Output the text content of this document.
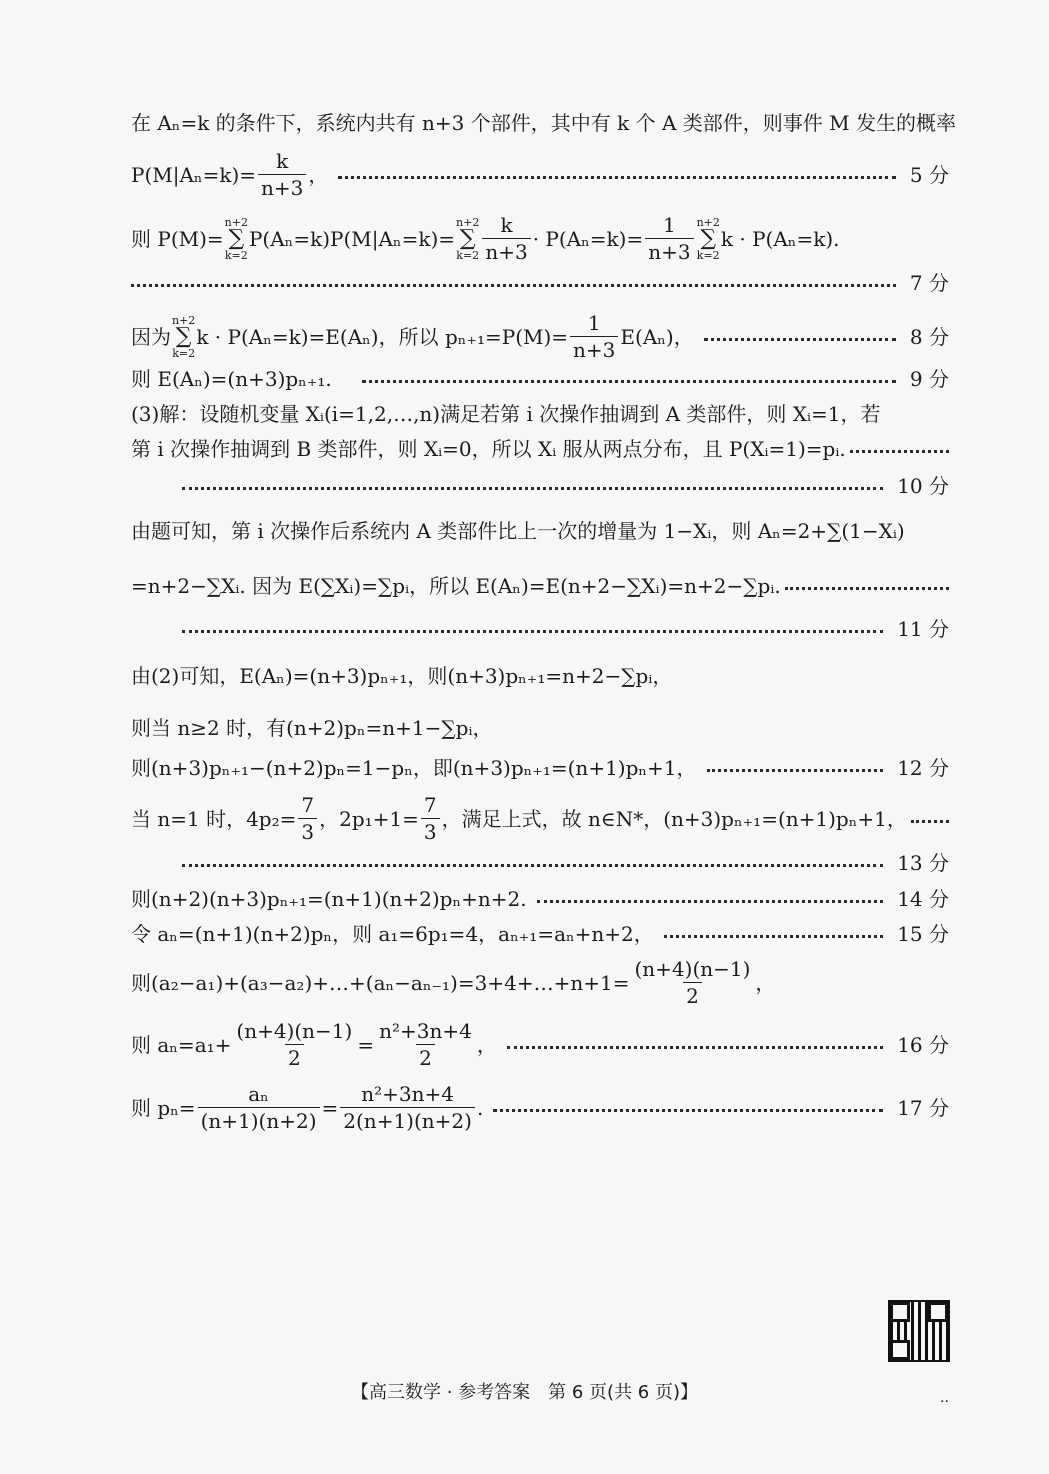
在 Aₙ=k 的条件下，系统内共有 n+3 个部件，其中有 k 个 A 类部件，则事件 M 发生的概率
$P(M|A_n=k)= \frac{k}{n+3}$ ，	5 分
则 P(M)=
n+2
∑
k=2
P(Aₙ=k)P(M|Aₙ=k)=
n+2
∑
$k=2 \frac{k}{n+3} \cdot P(A_n=k)= \frac{1}{n+3} n+2$
∑
k=2
k · P(Aₙ=k).
7 分
因为
n+2
∑
k=2
k · P(Aₙ=k)=E(Aₙ)，所以 $p_{n+1}=P(M)= \frac{1}{n+3} E(A_n)$，	8 分
则 E(Aₙ)=(n+3)pₙ₊₁.	9 分
(3)解：设随机变量 Xᵢ(i=1,2,…,n)满足若第 i 次操作抽调到 A 类部件，则 Xᵢ=1，若
第 i 次操作抽调到 B 类部件，则 Xᵢ=0，所以 Xᵢ 服从两点分布，且 P(Xᵢ=1)=pᵢ.
10 分
由题可知，第 i 次操作后系统内 A 类部件比上一次的增量为 1−Xᵢ，则 Aₙ=2+∑(1−Xᵢ)
=n+2−∑Xᵢ. 因为 E(∑Xᵢ)=∑pᵢ，所以 E(Aₙ)=E(n+2−∑Xᵢ)=n+2−∑pᵢ.
11 分
由(2)可知，E(Aₙ)=(n+3)pₙ₊₁，则(n+3)pₙ₊₁=n+2−∑pᵢ，
则当 n≥2 时，有(n+2)pₙ=n+1−∑pᵢ，
则(n+3)pₙ₊₁−(n+2)pₙ=1−pₙ，即(n+3)pₙ₊₁=(n+1)pₙ+1，	12 分
当 n=1 时，$4p_2= \frac{7}{3}$ ，$2p_1+1= \frac{7}{3}$ ，满足上式，故 n∈N*，(n+3)pₙ₊₁=(n+1)pₙ+1，
13 分
则(n+2)(n+3)pₙ₊₁=(n+1)(n+2)pₙ+n+2.	14 分
令 aₙ=(n+1)(n+2)pₙ，则 a₁=6p₁=4，aₙ₊₁=aₙ+n+2，	15 分
则(a₂−a₁)+(a₃−a₂)+…+(aₙ−aₙ₋₁)=3+4+…+n+1= $\frac{(n+4)(n-1)}{2}$ ，
则 $a_n=a_1+ \frac{(n+4)(n-1)}{2} = \frac{\text{n²+3n+4}}{2}$ ，	16 分
则 $p_n= \frac{\text{aₙ}}{(n+1)(n+2)} = \frac{\text{n²+3n+4}}{2(n+1)(n+2)}$ .	17 分
【高三数学 · 参考答案　第 6 页(共 6 页)】	..
